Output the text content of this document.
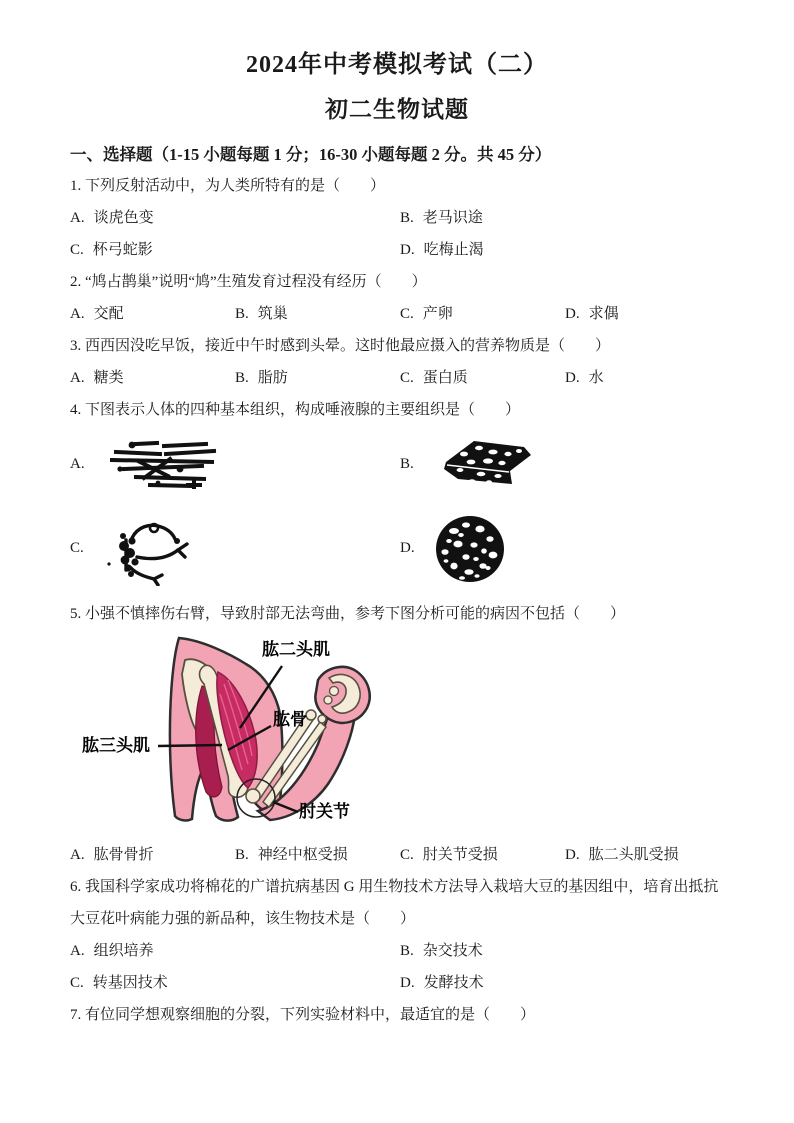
2024年中考模拟考试（二）
初二生物试题

一、选择题（1-15 小题每题 1 分；16-30 小题每题 2 分。共 45 分）

1. 下列反射活动中，为人类所特有的是（　　）

A. 谈虎色变	B. 老马识途
C. 杯弓蛇影	D. 吃梅止渴

2. “鸠占鹊巢”说明“鸠”生殖发育过程没有经历（　　）

A. 交配	B. 筑巢	C. 产卵	D. 求偶

3. 西西因没吃早饭，接近中午时感到头晕。这时他最应摄入的营养物质是（　　）

A. 糖类	B. 脂肪	C. 蛋白质	D. 水

4. 下图表示人体的四种基本组织，构成唾液腺的主要组织是（　　）

A.	B.
C.	D.

5. 小强不慎摔伤右臂，导致肘部无法弯曲，参考下图分析可能的病因不包括（　　）

肱二头肌
肱骨
肱三头肌
肘关节
A. 肱骨骨折	B. 神经中枢受损	C. 肘关节受损	D. 肱二头肌受损

6. 我国科学家成功将棉花的广谱抗病基因 G 用生物技术方法导入栽培大豆的基因组中，培育出抵抗大豆花叶病能力强的新品种，该生物技术是（　　）

A. 组织培养	B. 杂交技术
C. 转基因技术	D. 发酵技术

7. 有位同学想观察细胞的分裂，下列实验材料中，最适宜的是（　　）
